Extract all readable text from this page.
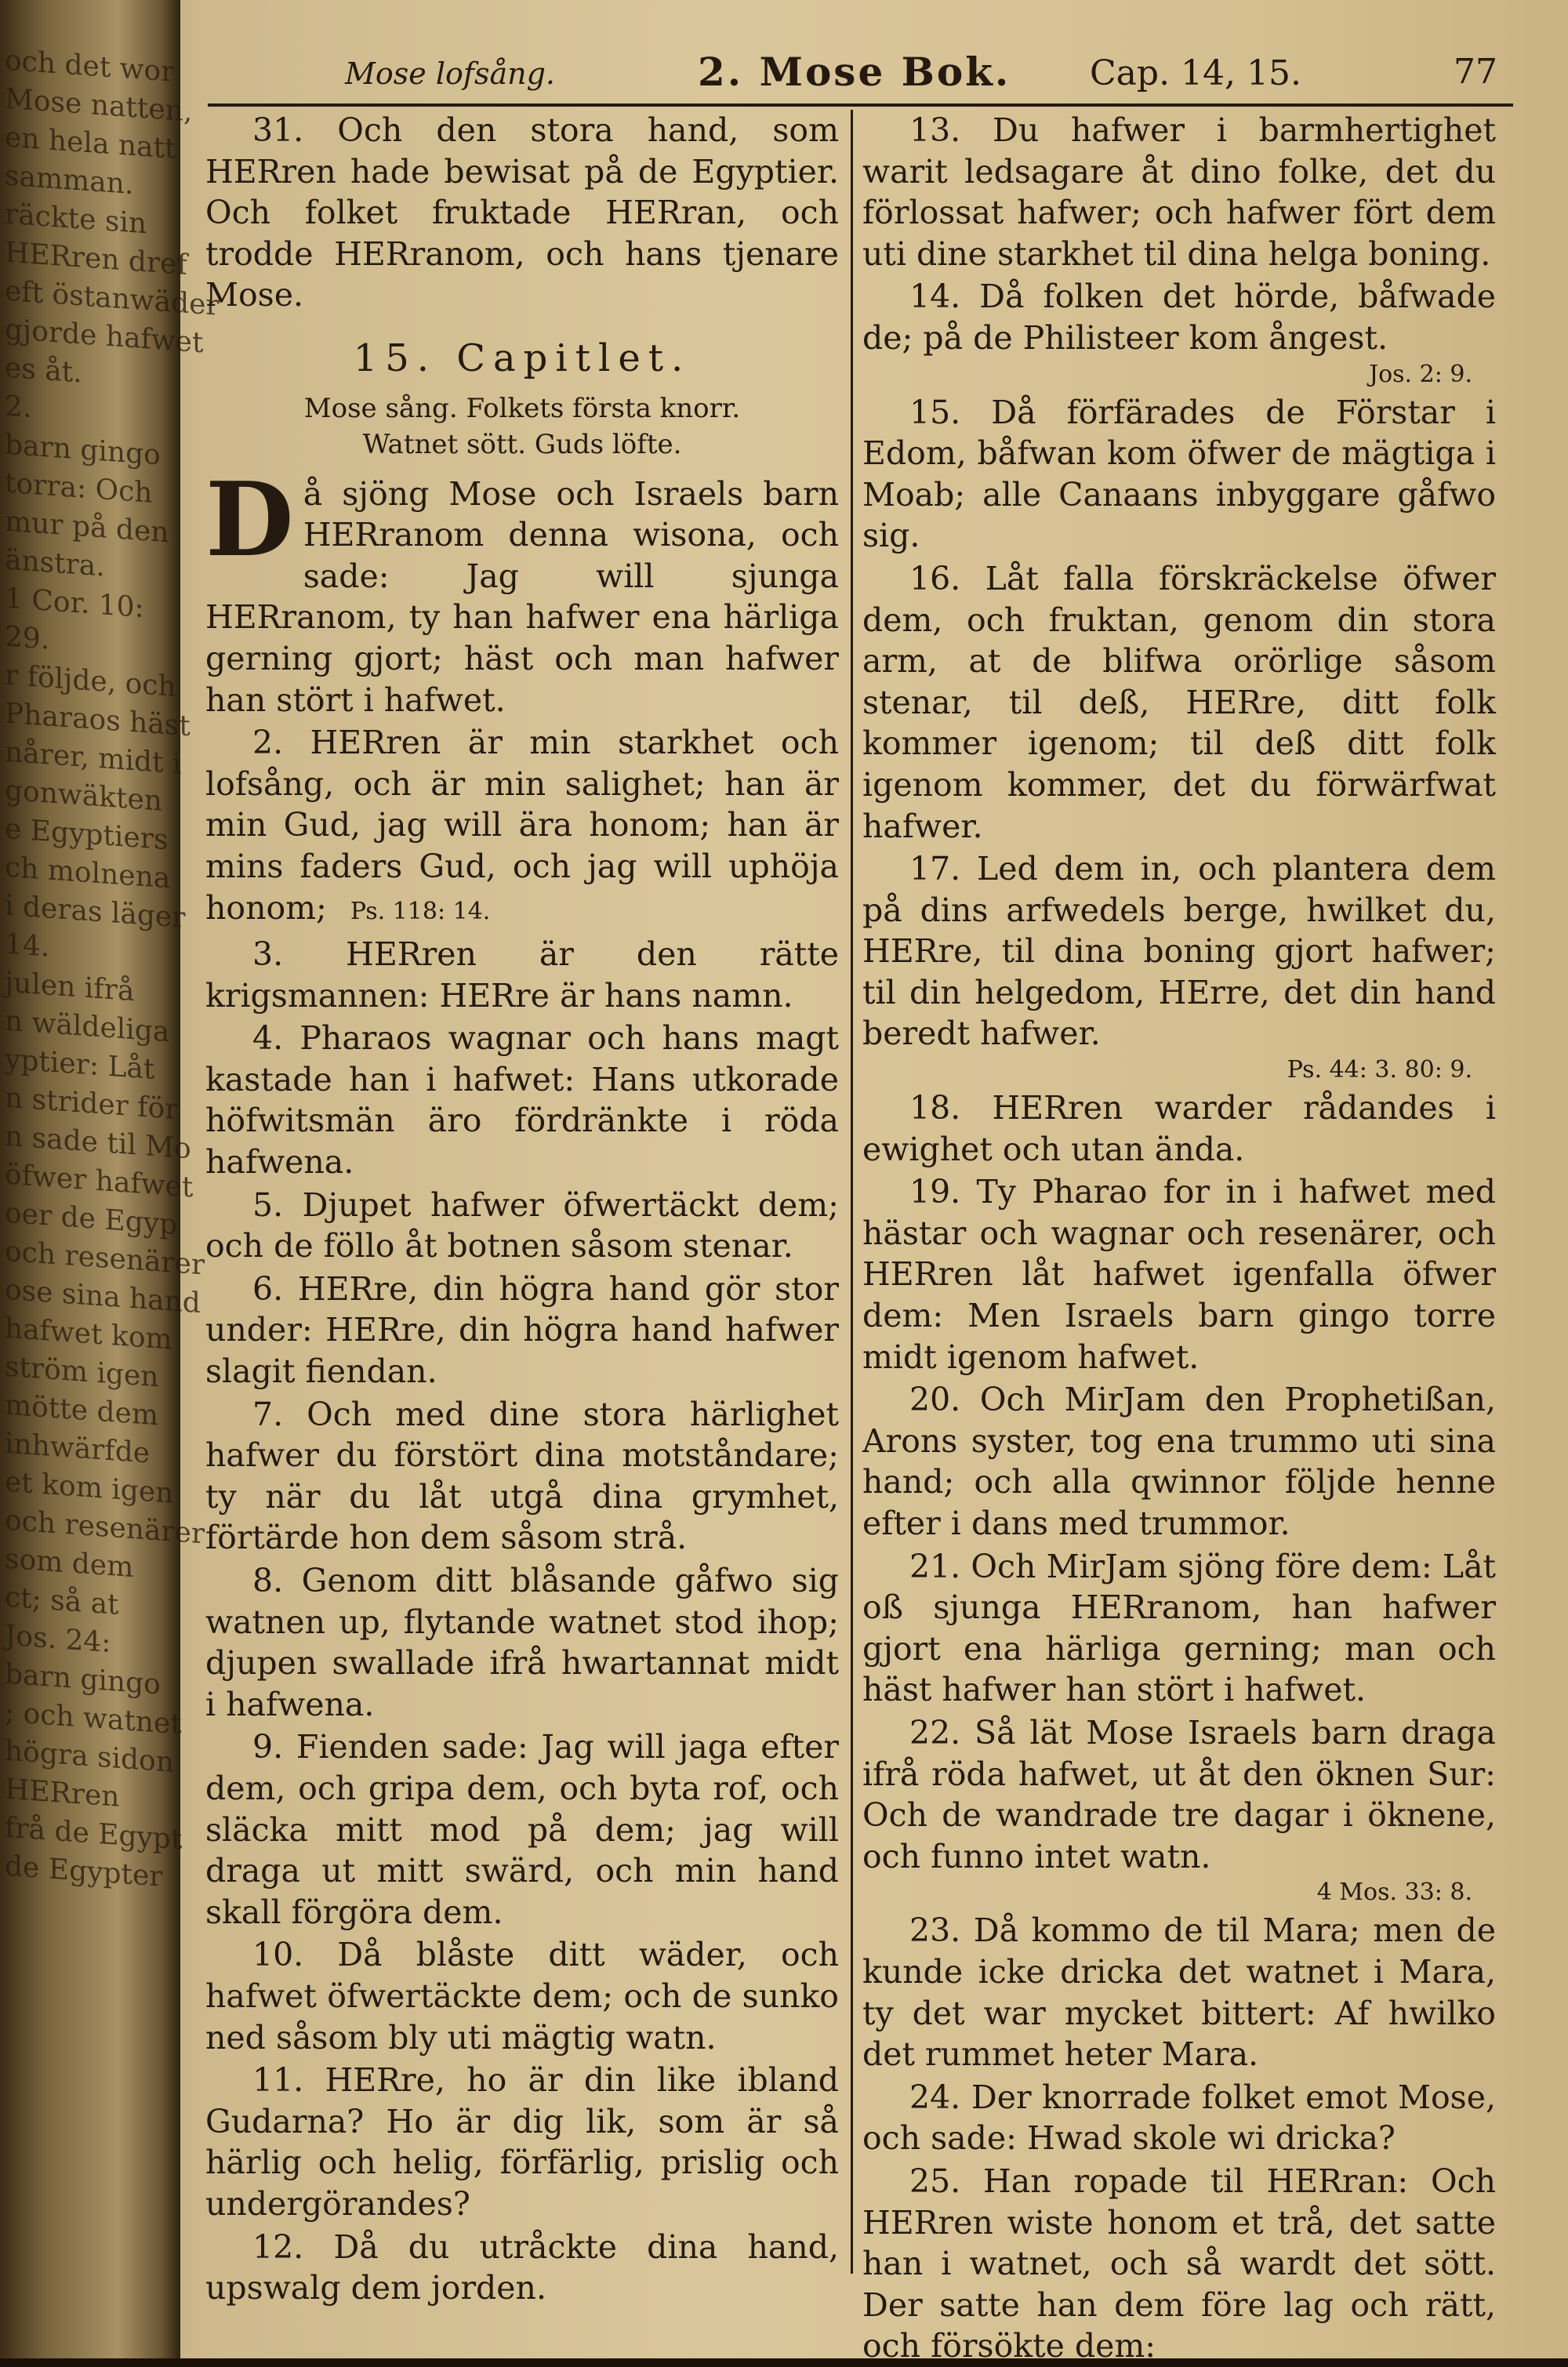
och det wor
Mose natten,
en hela natt
samman.
räckte sin
HERren dref
eft östanwäder
gjorde hafwet
es åt.
2.
barn gingo
torra: Och
mur på den
änstra.
1 Cor. 10:
29.
r följde, och
Pharaos häst
nårer, midt i
gonwäkten
e Egyptiers
ch molnena
i deras läger
14.
julen ifrå
n wäldeliga
yptier: Låt
n strider för
n sade til Mo
öfwer hafwet
oer de Egyp
och resenärer
ose sina hand
hafwet kom
ström igen
möttе dem
inhwärfde
et kom igen
och resenärer
som dem
ct; så at
Jos. 24:
barn gingo
; och watnet
högra sidon
HERren
frå de Egypt
de Egypter
Mose lofsång.	2. Mose Bok. Cap. 14, 15.	77

31. Och den stora hand, som HERren hade bewisat på de Egyptier. Och folket fruktade HERran, och trodde HERranom, och hans tjenare Mose.

15. Capitlet.
Mose sång. Folkets första knorr.
Watnet sött. Guds löfte.

Då sjöng Mose och Israels barn HERranom denna wisona, och sade: Jag will sjunga HERranom, ty han hafwer ena härliga gerning gjort; häst och man hafwer han stört i hafwet.

2. HERren är min starkhet och lofsång, och är min salighet; han är min Gud, jag will ära honom; han är mins faders Gud, och jag will uphöja honom; Ps. 118: 14.

3. HERren är den rätte krigsmannen: HERre är hans namn.

4. Pharaos wagnar och hans magt kastade han i hafwet: Hans utkorade höfwitsmän äro fördränkte i röda hafwena.

5. Djupet hafwer öfwertäckt dem; och de föllo åt botnen såsom stenar.

6. HERre, din högra hand gör stor under: HERre, din högra hand hafwer slagit fiendan.

7. Och med dine stora härlighet hafwer du förstört dina motståndare; ty när du låt utgå dina grymhet, förtärde hon dem såsom strå.

8. Genom ditt blåsande gåfwo sig watnen up, flytande watnet stod ihop; djupen swallade ifrå hwartannat midt i hafwena.

9. Fienden sade: Jag will jaga efter dem, och gripa dem, och byta rof, och släcka mitt mod på dem; jag will draga ut mitt swärd, och min hand skall förgöra dem.

10. Då blåste ditt wäder, och hafwet öfwertäckte dem; och de sunko ned såsom bly uti mägtig watn.

11. HERre, ho är din like ibland Gudarna? Ho är dig lik, som är så härlig och helig, förfärlig, prislig och undergörandes?

12. Då du utråckte dina hand, upswalg dem jorden.

13. Du hafwer i barmhertighet warit ledsagare åt dino folke, det du förlossat hafwer; och hafwer fört dem uti dine starkhet til dina helga boning.

14. Då folken det hörde, båfwade de; på de Philisteer kom ångest.

Jos. 2: 9.

15. Då förfärades de Förstar i Edom, båfwan kom öfwer de mägtiga i Moab; alle Canaans inbyggare gåfwo sig.

16. Låt falla förskräckelse öfwer dem, och fruktan, genom din stora arm, at de blifwa orörlige såsom stenar, til deß, HERre, ditt folk kommer igenom; til deß ditt folk igenom kommer, det du förwärfwat hafwer.

17. Led dem in, och plantera dem på dins arfwedels berge, hwilket du, HERre, til dina boning gjort hafwer; til din helgedom, HErre, det din hand beredt hafwer.

Ps. 44: 3. 80: 9.

18. HERren warder rådandes i ewighet och utan ända.

19. Ty Pharao for in i hafwet med hästar och wagnar och resenärer, och HERren låt hafwet igenfalla öfwer dem: Men Israels barn gingo torre midt igenom hafwet.

20. Och MirJam den Prophetißan, Arons syster, tog ena trummo uti sina hand; och alla qwinnor följde henne efter i dans med trummor.

21. Och MirJam sjöng före dem: Låt oß sjunga HERranom, han hafwer gjort ena härliga gerning; man och häst hafwer han stört i hafwet.

22. Så lät Mose Israels barn draga ifrå röda hafwet, ut åt den öknen Sur: Och de wandrade tre dagar i öknene, och funno intet watn.

4 Mos. 33: 8.

23. Då kommo de til Mara; men de kunde icke dricka det watnet i Mara, ty det war mycket bittert: Af hwilko det rummet heter Mara.

24. Der knorrade folket emot Mose, och sade: Hwad skole wi dricka?

25. Han ropade til HERran: Och HERren wiste honom et trå, det satte han i watnet, och så wardt det sött. Der satte han dem före lag och rätt, och försökte dem:
